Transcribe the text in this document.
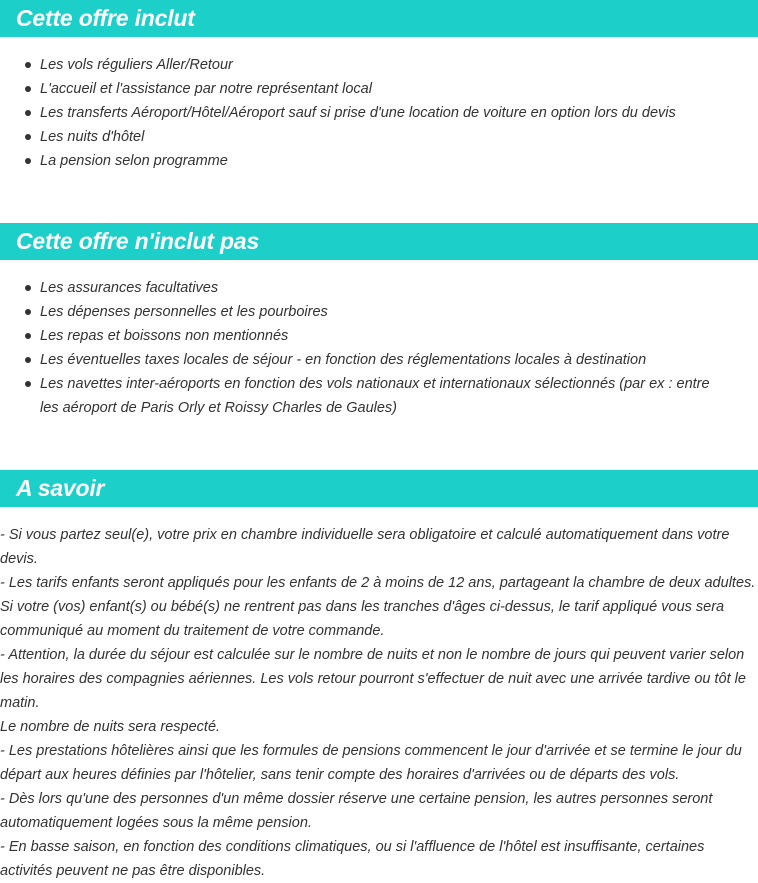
Cette offre inclut
Les vols réguliers Aller/Retour
L'accueil et l'assistance par notre représentant local
Les transferts Aéroport/Hôtel/Aéroport sauf si prise d'une location de voiture en option lors du devis
Les nuits d'hôtel
La pension selon programme
Cette offre n'inclut pas
Les assurances facultatives
Les dépenses personnelles et les pourboires
Les repas et boissons non mentionnés
Les éventuelles taxes locales de séjour - en fonction des réglementations locales à destination
Les navettes inter-aéroports en fonction des vols nationaux et internationaux sélectionnés (par ex : entre les aéroport de Paris Orly et Roissy Charles de Gaules)
A savoir

- Si vous partez seul(e), votre prix en chambre individuelle sera obligatoire et calculé automatiquement dans votre devis.

- Les tarifs enfants seront appliqués pour les enfants de 2 à moins de 12 ans, partageant la chambre de deux adultes.

Si votre (vos) enfant(s) ou bébé(s) ne rentrent pas dans les tranches d'âges ci-dessus, le tarif appliqué vous sera communiqué au moment du traitement de votre commande.

- Attention, la durée du séjour est calculée sur le nombre de nuits et non le nombre de jours qui peuvent varier selon les horaires des compagnies aériennes. Les vols retour pourront s'effectuer de nuit avec une arrivée tardive ou tôt le matin.

Le nombre de nuits sera respecté.

- Les prestations hôtelières ainsi que les formules de pensions commencent le jour d'arrivée et se termine le jour du départ aux heures définies par l'hôtelier, sans tenir compte des horaires d'arrivées ou de départs des vols.

- Dès lors qu'une des personnes d'un même dossier réserve une certaine pension, les autres personnes seront automatiquement logées sous la même pension.

- En basse saison, en fonction des conditions climatiques, ou si l'affluence de l'hôtel est insuffisante, certaines activités peuvent ne pas être disponibles.
